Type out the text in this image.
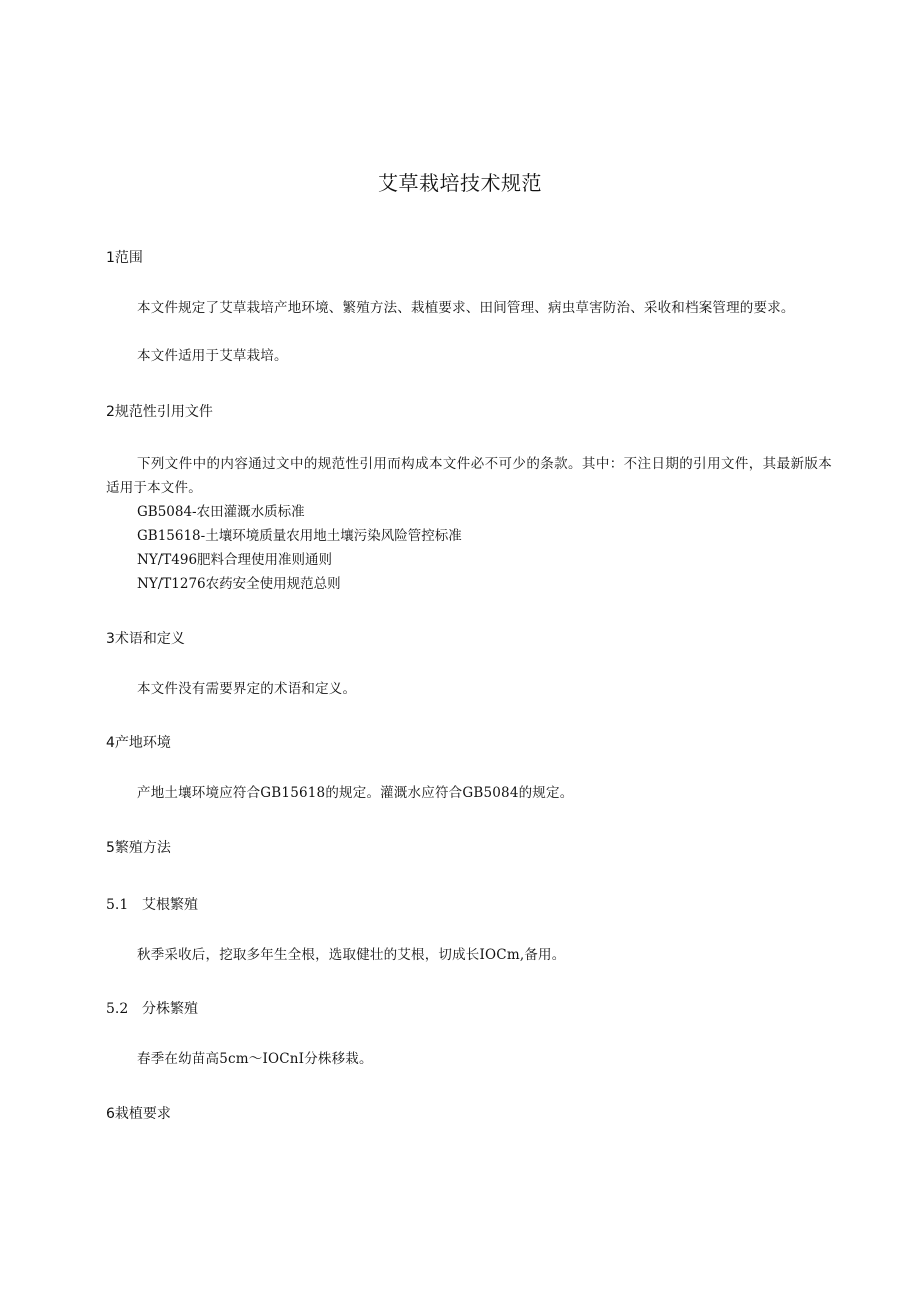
艾草栽培技术规范
1范围
本文件规定了艾草栽培产地环境、繁殖方法、栽植要求、田间管理、病虫草害防治、采收和档案管理的要求。
本文件适用于艾草栽培。
2规范性引用文件
下列文件中的内容通过文中的规范性引用而构成本文件必不可少的条款。其中：不注日期的引用文件，其最新版本适用于本文件。
GB5084-农田灌溉水质标准
GB15618-土壤环境质量农用地土壤污染风险管控标准
NY/T496肥料合理使用准则通则
NY/T1276农药安全使用规范总则
3术语和定义
本文件没有需要界定的术语和定义。
4产地环境
产地土壤环境应符合GB15618的规定。灌溉水应符合GB5084的规定。
5繁殖方法
5.1 艾根繁殖
秋季采收后，挖取多年生全根，选取健壮的艾根，切成长IOCm,备用。
5.2 分株繁殖
春季在幼苗高5cm～IOCnI分株移栽。
6栽植要求
